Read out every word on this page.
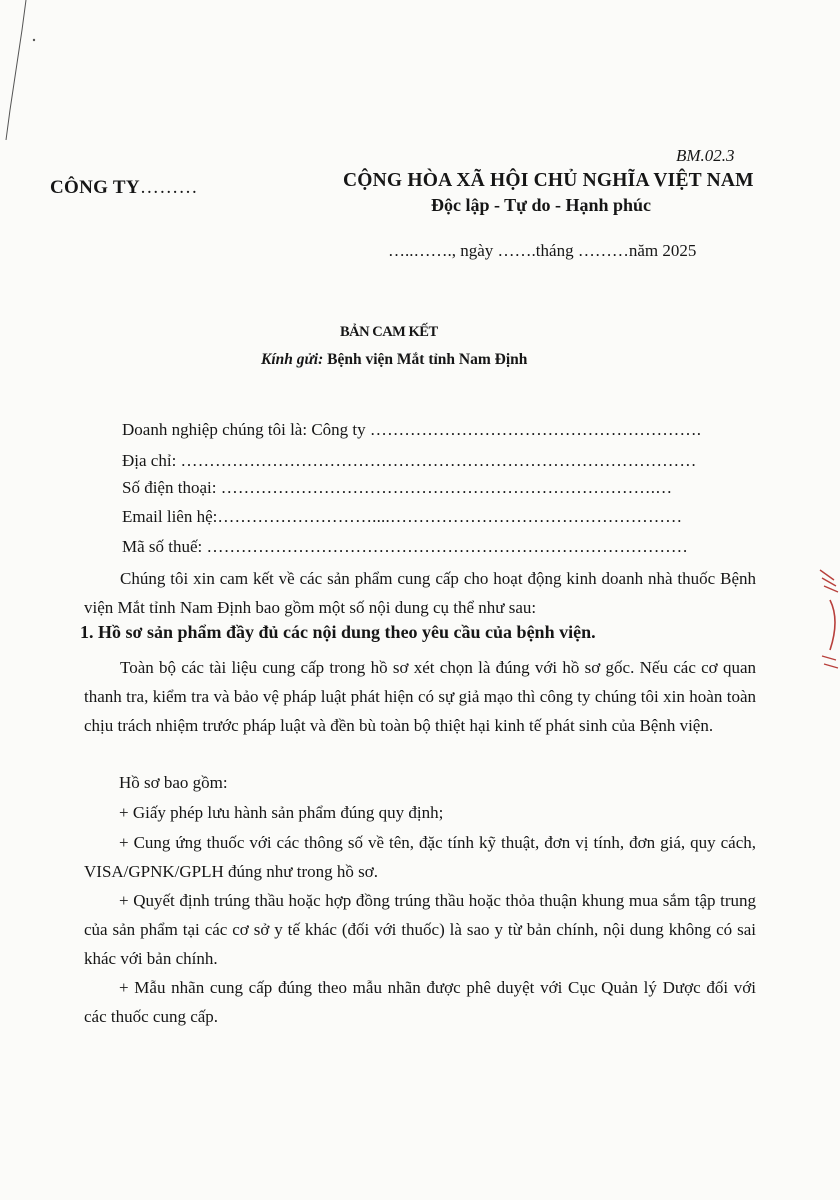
BM.02.3
CÔNG TY………	CỘNG HÒA XÃ HỘI CHỦ NGHĨA VIỆT NAM
Độc lập - Tự do - Hạnh phúc
…..……., ngày …….tháng ………năm 2025
BẢN CAM KẾT
Kính gửi: Bệnh viện Mắt tỉnh Nam Định
Doanh nghiệp chúng tôi là: Công ty ………………………………………………….
Địa chỉ: ………………………………………………………………………………
Số điện thoại: ………………………………………………………………….…
Email liên hệ:………………………....……………………………………………
Mã số thuế: …………………………………………………………………………
Chúng tôi xin cam kết về các sản phẩm cung cấp cho hoạt động kinh doanh nhà thuốc Bệnh viện Mắt tỉnh Nam Định bao gồm một số nội dung cụ thể như sau:
1. Hồ sơ sản phẩm đầy đủ các nội dung theo yêu cầu của bệnh viện.
Toàn bộ các tài liệu cung cấp trong hồ sơ xét chọn là đúng với hồ sơ gốc. Nếu các cơ quan thanh tra, kiểm tra và bảo vệ pháp luật phát hiện có sự giả mạo thì công ty chúng tôi xin hoàn toàn chịu trách nhiệm trước pháp luật và đền bù toàn bộ thiệt hại kinh tế phát sinh của Bệnh viện.
Hồ sơ bao gồm:
+ Giấy phép lưu hành sản phẩm đúng quy định;
+ Cung ứng thuốc với các thông số về tên, đặc tính kỹ thuật, đơn vị tính, đơn giá, quy cách, VISA/GPNK/GPLH đúng như trong hồ sơ.
+ Quyết định trúng thầu hoặc hợp đồng trúng thầu hoặc thỏa thuận khung mua sắm tập trung của sản phẩm tại các cơ sở y tế khác (đối với thuốc) là sao y từ bản chính, nội dung không có sai khác với bản chính.
+ Mẫu nhãn cung cấp đúng theo mẫu nhãn được phê duyệt với Cục Quản lý Dược đối với các thuốc cung cấp.
